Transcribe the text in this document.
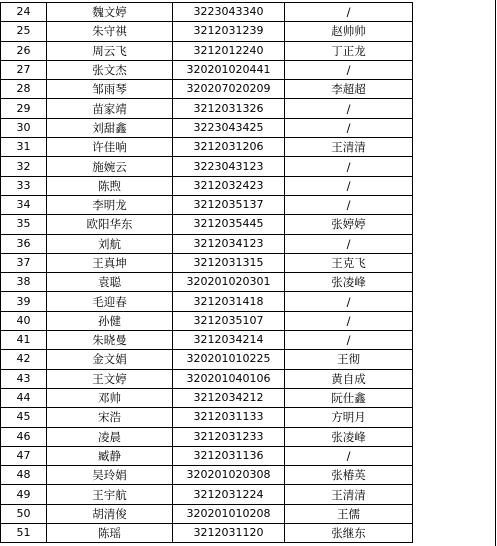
24	魏文婷	3223043340	/
25	朱守祺	3212031239	赵帅帅
26	周云飞	3212012240	丁正龙
27	张文杰	320201020441	/
28	邹雨琴	320207020209	李超超
29	苗家靖	3212031326	/
30	刘甜鑫	3223043425	/
31	许佳响	3212031206	王清清
32	施婉云	3223043123	/
33	陈煦	3212032423	/
34	李明龙	3212035137	/
35	欧阳华东	3212035445	张婷婷
36	刘航	3212034123	/
37	王真坤	3212031315	王克飞
38	袁聪	320201020301	张凌峰
39	毛迎春	3212031418	/
40	孙健	3212035107	/
41	朱晓曼	3212034214	/
42	金文娟	320201010225	王彻
43	王文婷	320201040106	黄自成
44	邓帅	3212034212	阮仕鑫
45	宋浩	3212031133	方明月
46	凌晨	3212031233	张凌峰
47	臧静	3212031136	/
48	吴玲娟	320201020308	张椿英
49	王宇航	3212031224	王清清
50	胡清俊	320201010208	王儒
51	陈瑶	3212031120	张继东
